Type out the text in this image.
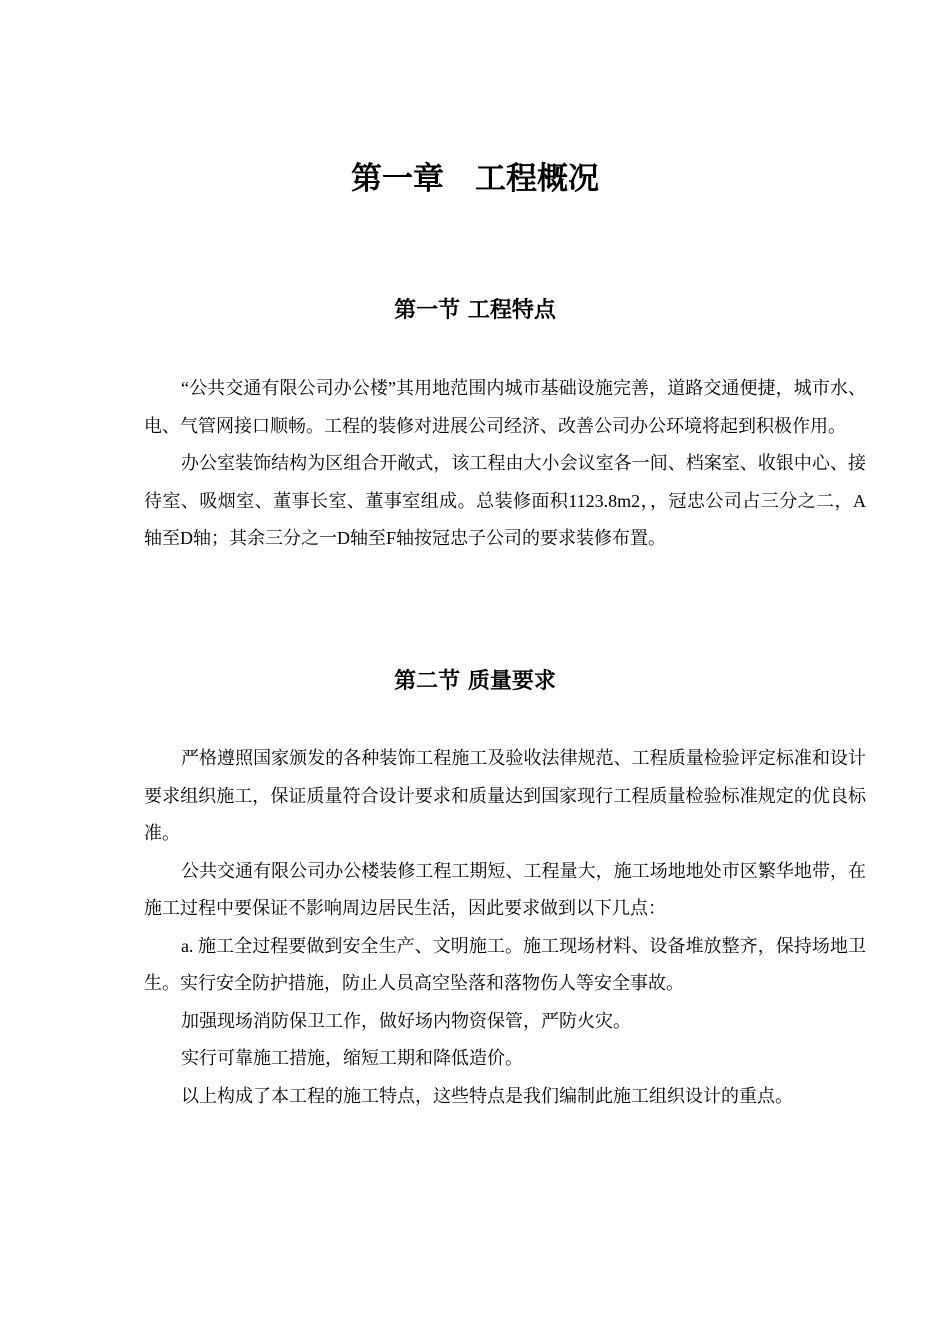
第一章　工程概况
第一节 工程特点

“公共交通有限公司办公楼”其用地范围内城市基础设施完善，道路交通便捷，城市水、电、气管网接口顺畅。工程的装修对进展公司经济、改善公司办公环境将起到积极作用。

办公室装饰结构为区组合开敞式，该工程由大小会议室各一间、档案室、收银中心、接待室、吸烟室、董事长室、董事室组成。总装修面积1123.8m2，，冠忠公司占三分之二，A轴至D轴；其余三分之一D轴至F轴按冠忠子公司的要求装修布置。

第二节 质量要求

严格遵照国家颁发的各种装饰工程施工及验收法律规范、工程质量检验评定标准和设计要求组织施工，保证质量符合设计要求和质量达到国家现行工程质量检验标准规定的优良标准。

公共交通有限公司办公楼装修工程工期短、工程量大，施工场地地处市区繁华地带，在施工过程中要保证不影响周边居民生活，因此要求做到以下几点：

a. 施工全过程要做到安全生产、文明施工。施工现场材料、设备堆放整齐，保持场地卫生。实行安全防护措施，防止人员高空坠落和落物伤人等安全事故。

加强现场消防保卫工作，做好场内物资保管，严防火灾。

实行可靠施工措施，缩短工期和降低造价。

以上构成了本工程的施工特点，这些特点是我们编制此施工组织设计的重点。
